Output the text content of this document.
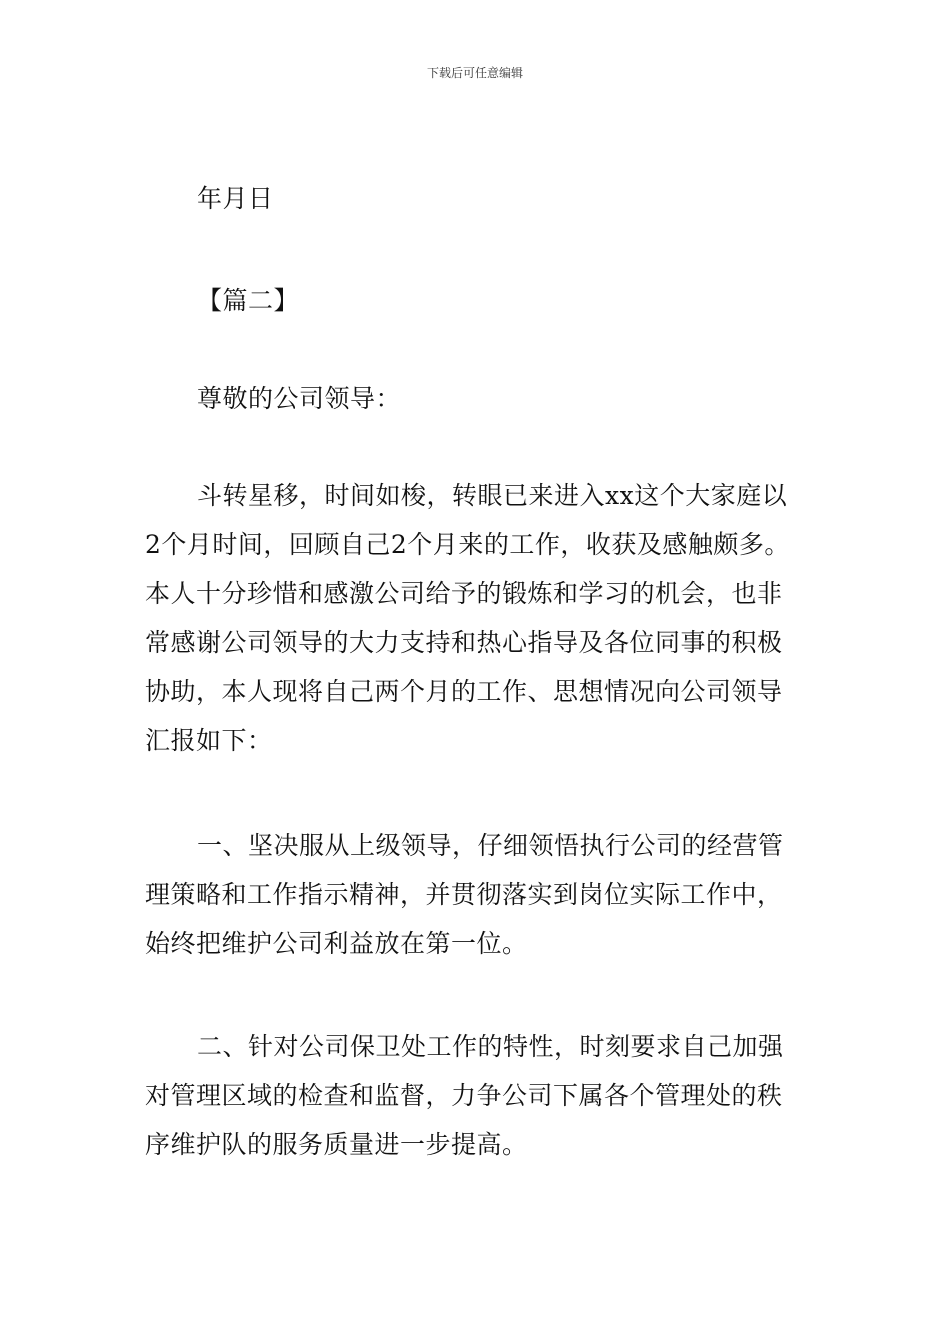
下载后可任意编辑

年月日

【篇二】

尊敬的公司领导：

斗转星移，时间如梭，转眼已来进入xx这个大家庭以
2个月时间，回顾自己2个月来的工作，收获及感触颇多。
本人十分珍惜和感激公司给予的锻炼和学习的机会，也非
常感谢公司领导的大力支持和热心指导及各位同事的积极
协助，本人现将自己两个月的工作、思想情况向公司领导
汇报如下：
一、坚决服从上级领导，仔细领悟执行公司的经营管
理策略和工作指示精神，并贯彻落实到岗位实际工作中，
始终把维护公司利益放在第一位。
二、针对公司保卫处工作的特性，时刻要求自己加强
对管理区域的检查和监督，力争公司下属各个管理处的秩
序维护队的服务质量进一步提高。
